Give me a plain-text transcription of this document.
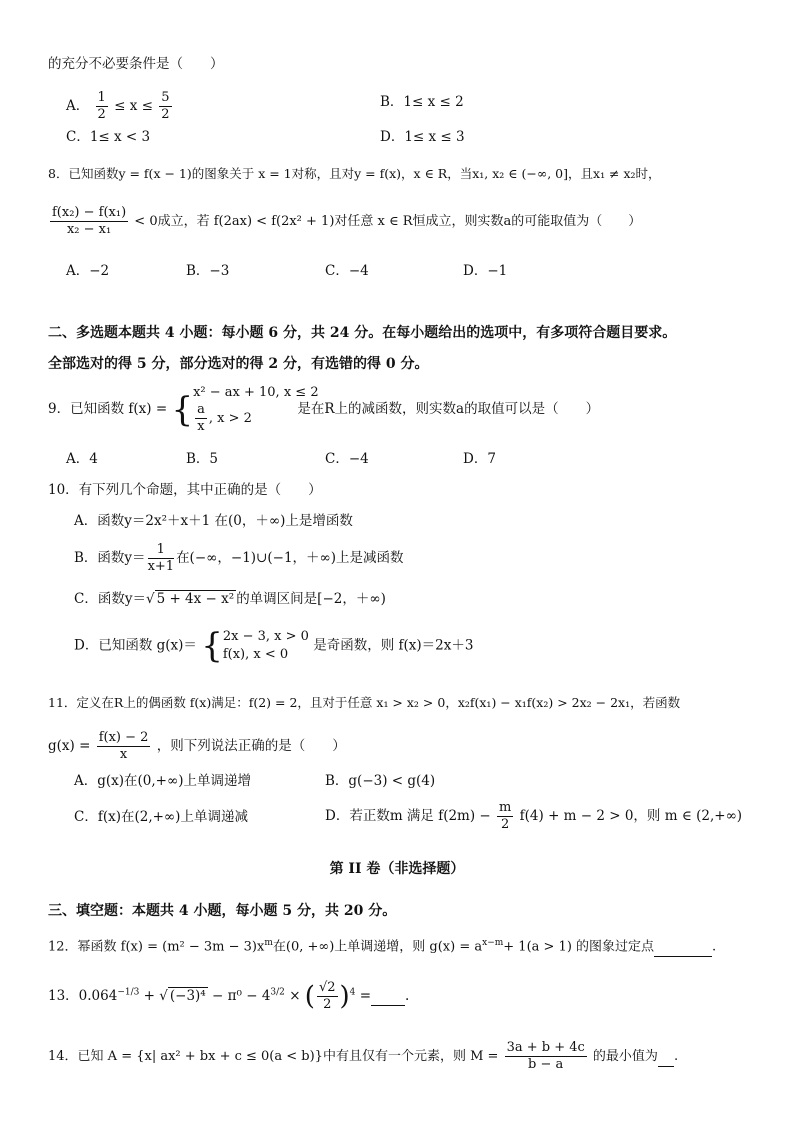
的充分不必要条件是（　　）
A． $\frac{1}{2} \le x \le \frac{5}{2}$	B．1≤ x ≤ 2
C．1≤ x < 3	D．1≤ x ≤ 3
8．已知函数y = f(x − 1)的图象关于 x = 1对称，且对y = f(x)，x ∈ R，当x₁, x₂ ∈ (−∞, 0]，且x₁ ≠ x₂时，
$\frac{\text{f(x₂) − f(x₁)}}{\text{x₂ − x₁}} < 0$成立，若 f(2ax) < f(2x² + 1)对任意 x ∈ R恒成立，则实数a的可能取值为（　　）
A．−2	B．−3	C．−4	D．−1
二、多选题本题共 4 小题：每小题 6 分，共 24 分。在每小题给出的选项中，有多项符合题目要求。
全部选对的得 5 分，部分选对的得 2 分，有选错的得 0 分。
9．已知函数 f(x) = { x² − ax + 10, x ≤ 2
$\frac{a}{x}$ , x > 2
是在R上的减函数，则实数a的取值可以是（　　）
A．4	B．5	C．−4	D．7
10．有下列几个命题，其中正确的是（　　）
A．函数y＝2x²＋x＋1 在(0，＋∞)上是增函数
B．函数$y= \frac{1}{x+1}$ 在(−∞，−1)∪(−1，＋∞)上是减函数
C．函数y＝√ 5 + 4x − x² 的单调区间是[−2，＋∞)
D．已知函数 g(x)＝ { 2x − 3, x > 0
f(x), x < 0
是奇函数，则 f(x)＝2x＋3
11．定义在R上的偶函数 f(x)满足：f(2) = 2，且对于任意 x₁ > x₂ > 0，x₂f(x₁) − x₁f(x₂) > 2x₂ − 2x₁，若函数
$g(x) = \frac{f(x) - 2}{x}$ ，则下列说法正确的是（　　）
A．g(x)在(0,+∞)上单调递增	B．g(−3) < g(4)
C．f(x)在(2,+∞)上单调递减	D．若正数m 满足 $f(2m) - \frac{m}{2} f(4) + m - 2 > 0$，则 m ∈ (2,+∞)
第 II 卷（非选择题）
三、填空题：本题共 4 小题，每小题 5 分，共 20 分。
12．幂函数 $f(x) = (m^2 - 3m - 3)x^m$在(0, +∞)上单调递增，则 $g(x) = a^{x-m}+ 1(a > 1)$ 的图象过定点	.
13．$0.064^{-1/3}$ + √ $(-3)^4 - \pi^0 - 4^{3/2}$ × ( $\frac{√2}{2} )^4$ =	.
14．已知 A = {x| ax² + bx + c ≤ 0(a < b)}中有且仅有一个元素，则 $M = \frac{3a + b + 4c}{b - a}$ 的最小值为 .
